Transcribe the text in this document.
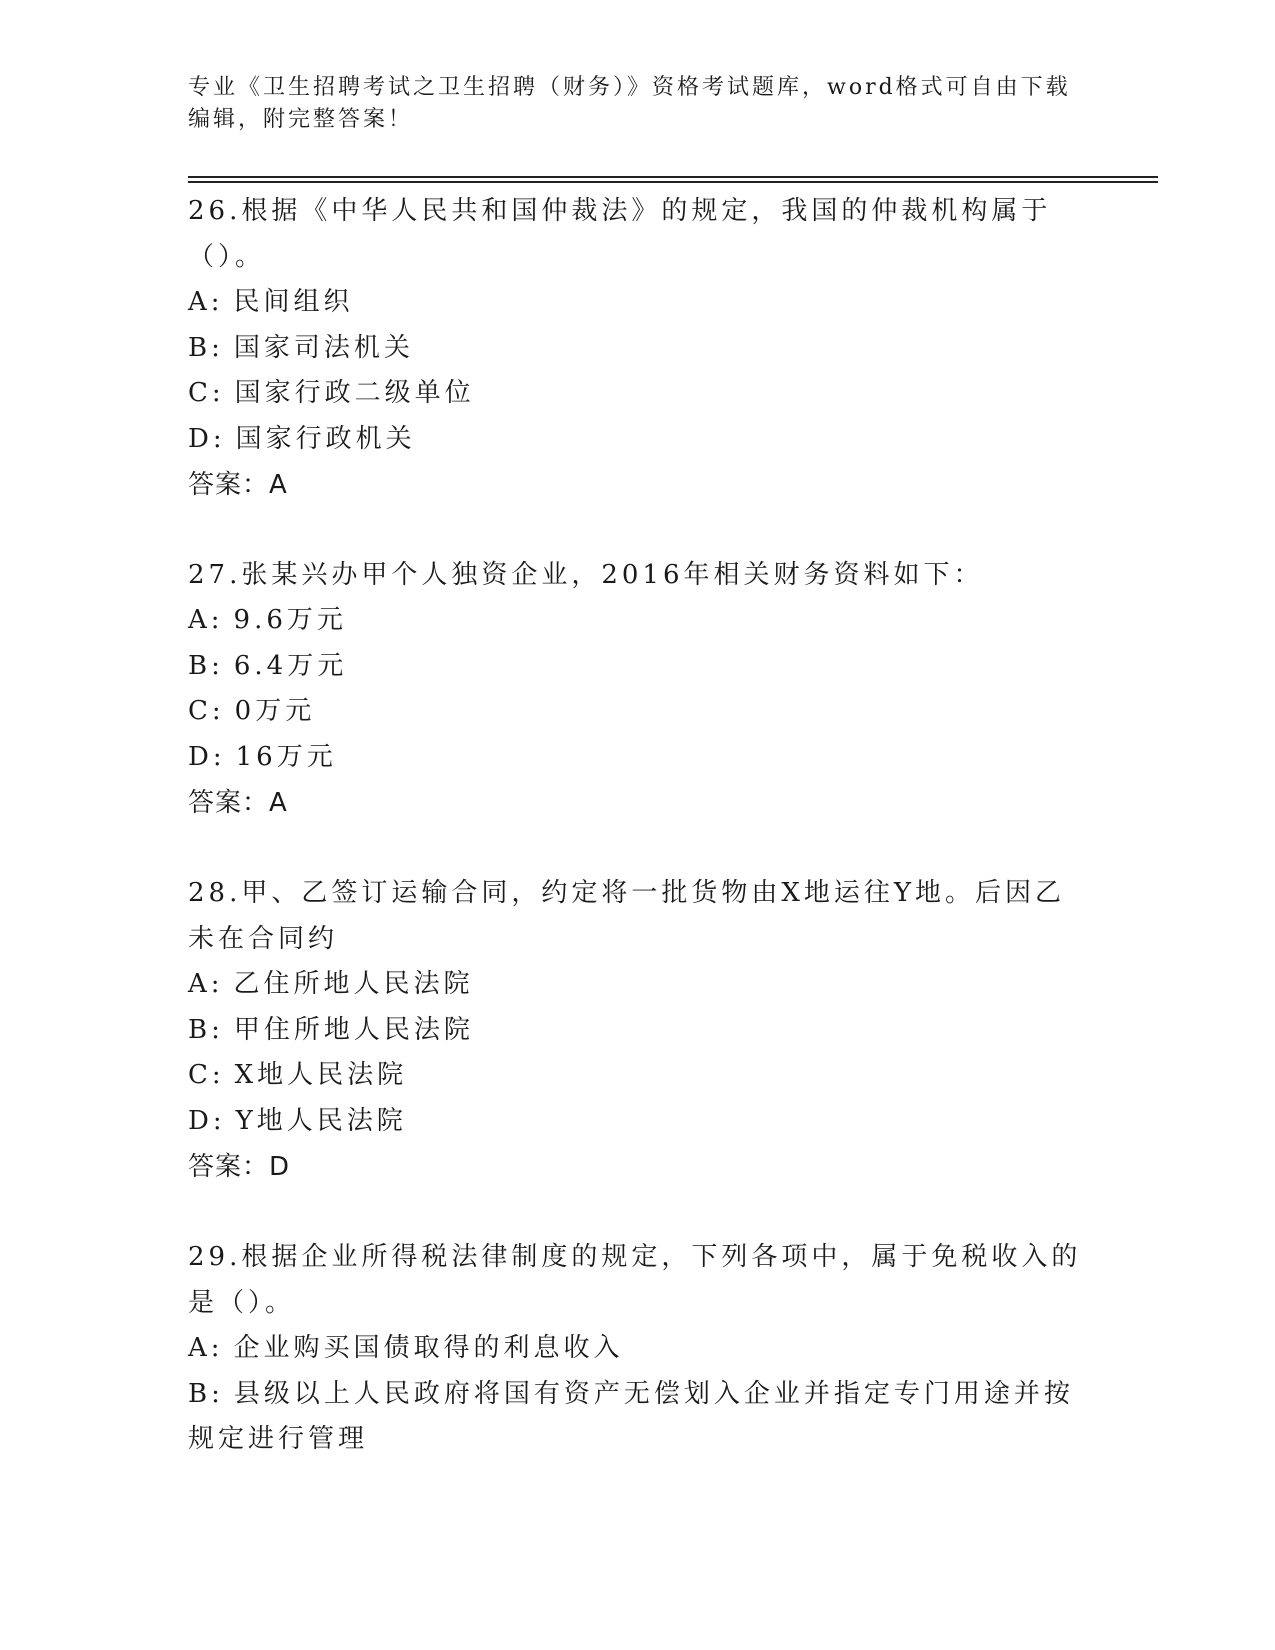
专业《卫生招聘考试之卫生招聘（财务）》资格考试题库，word格式可自由下载编辑，附完整答案！
26.根据《中华人民共和国仲裁法》的规定，我国的仲裁机构属于（）。
A: 民间组织
B: 国家司法机关
C: 国家行政二级单位
D: 国家行政机关
答案：A
27.张某兴办甲个人独资企业，2016年相关财务资料如下：
A: 9.6万元
B: 6.4万元
C: 0万元
D: 16万元
答案：A
28.甲、乙签订运输合同，约定将一批货物由X地运往Y地。后因乙未在合同约
A: 乙住所地人民法院
B: 甲住所地人民法院
C: X地人民法院
D: Y地人民法院
答案：D
29.根据企业所得税法律制度的规定，下列各项中，属于免税收入的是（）。
A: 企业购买国债取得的利息收入
B: 县级以上人民政府将国有资产无偿划入企业并指定专门用途并按规定进行管理
